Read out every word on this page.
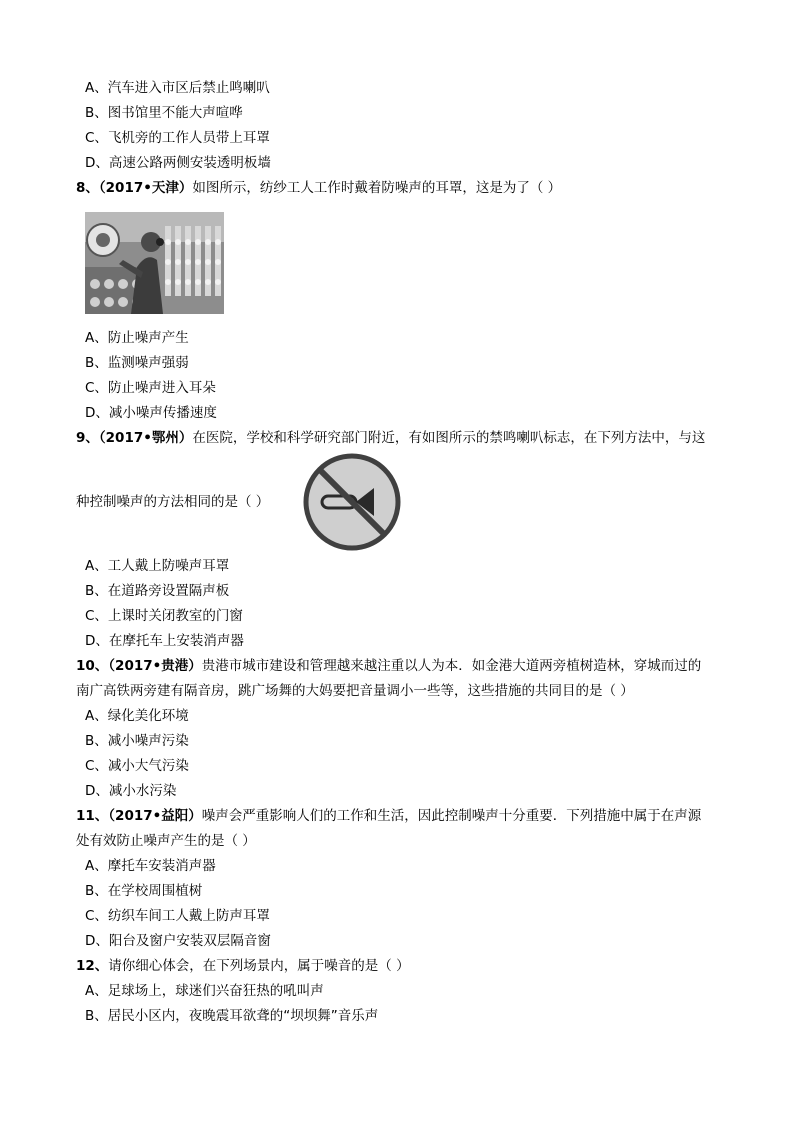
A、汽车进入市区后禁止鸣喇叭
B、图书馆里不能大声喧哗
C、飞机旁的工作人员带上耳罩
D、高速公路两侧安装透明板墙
8、（2017•天津）如图所示，纺纱工人工作时戴着防噪声的耳罩，这是为了（ ）
A、防止噪声产生
B、监测噪声强弱
C、防止噪声进入耳朵
D、减小噪声传播速度
9、（2017•鄂州）在医院，学校和科学研究部门附近，有如图所示的禁鸣喇叭标志，在下列方法中，与这
种控制噪声的方法相同的是（ ）
A、工人戴上防噪声耳罩
B、在道路旁设置隔声板
C、上课时关闭教室的门窗
D、在摩托车上安装消声器
10、（2017•贵港）贵港市城市建设和管理越来越注重以人为本．如金港大道两旁植树造林，穿城而过的
南广高铁两旁建有隔音房，跳广场舞的大妈要把音量调小一些等，这些措施的共同目的是（ ）
A、绿化美化环境
B、减小噪声污染
C、减小大气污染
D、减小水污染
11、（2017•益阳）噪声会严重影响人们的工作和生活，因此控制噪声十分重要．下列措施中属于在声源
处有效防止噪声产生的是（ ）
A、摩托车安装消声器
B、在学校周围植树
C、纺织车间工人戴上防声耳罩
D、阳台及窗户安装双层隔音窗
12、请你细心体会，在下列场景内，属于噪音的是（ ）
A、足球场上，球迷们兴奋狂热的吼叫声
B、居民小区内，夜晚震耳欲聋的“坝坝舞”音乐声
